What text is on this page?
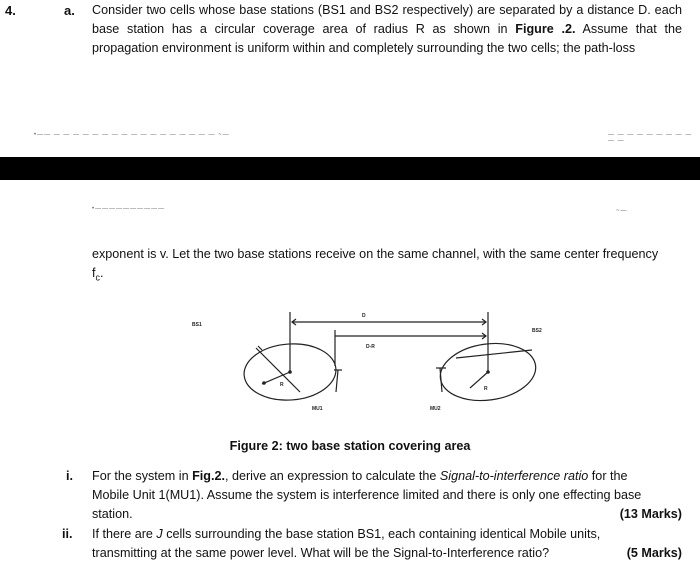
4.	a. Consider two cells whose base stations (BS1 and BS2 respectively) are separated by a distance D. each
base station has a circular coverage area of radius R as shown in Figure .2. Assume that the
propagation environment is uniform within and completely surrounding the two cells; the path-loss
•—— — — — — — — — — — — — — — — — — — ~—	— — — — — — — — — — —
•——————————	~—
exponent is v. Let the two base stations receive on the same channel, with the same center frequency
$f_c$.
BS1
BS2
D
D-R
R
R
MU1	MU2
Figure 2: two base station covering area
i. For the system in Fig.2., derive an expression to calculate the Signal-to-interference ratio for the
Mobile Unit 1(MU1). Assume the system is interference limited and there is only one effecting base
station.	(13 Marks)
ii. If there are J cells surrounding the base station BS1, each containing identical Mobile units,
transmitting at the same power level. What will be the Signal-to-Interference ratio?	(5 Marks)
